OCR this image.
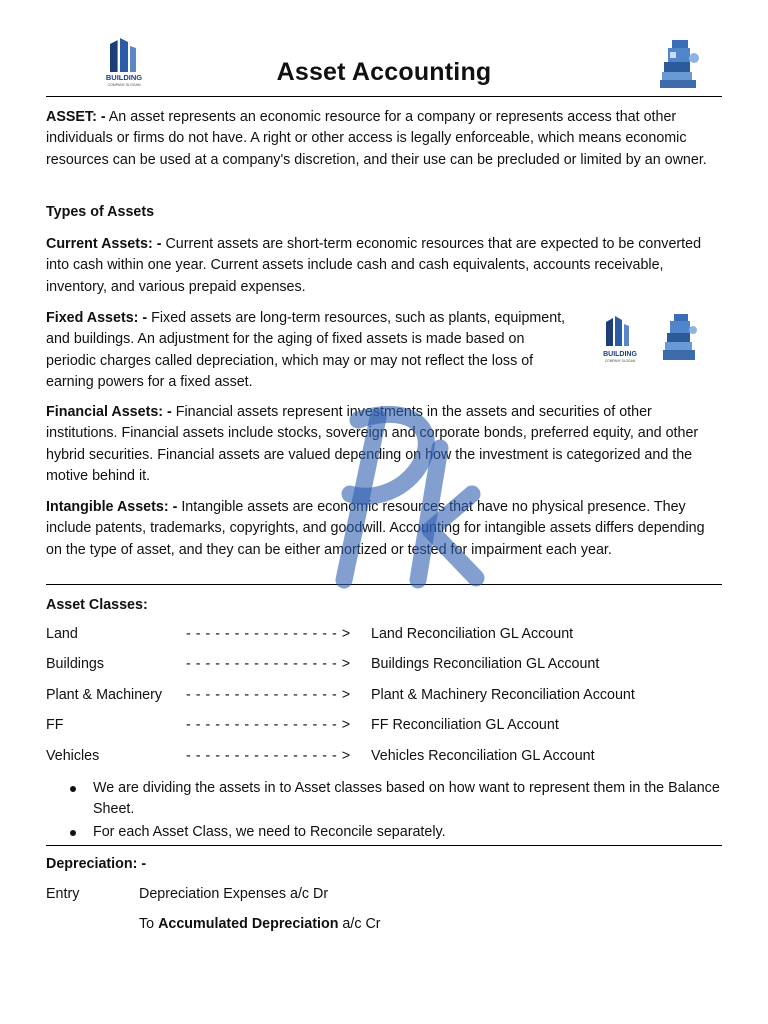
BUILDING
COMPANY SLOGAN	Asset Accounting
ASSET: - An asset represents an economic resource for a company or represents access that other individuals or firms do not have. A right or other access is legally enforceable, which means economic resources can be used at a company's discretion, and their use can be precluded or limited by an owner.
Types of Assets
Current Assets: - Current assets are short-term economic resources that are expected to be converted into cash within one year. Current assets include cash and cash equivalents, accounts receivable, inventory, and various prepaid expenses.
Fixed Assets: - Fixed assets are long-term resources, such as plants, equipment, and buildings. An adjustment for the aging of fixed assets is made based on periodic charges called depreciation, which may or may not reflect the loss of earning powers for a fixed asset.
BUILDING
COMPANY SLOGAN
Financial Assets: - Financial assets represent investments in the assets and securities of other institutions. Financial assets include stocks, sovereign and corporate bonds, preferred equity, and other hybrid securities. Financial assets are valued depending on how the investment is categorized and the motive behind it.
Intangible Assets: - Intangible assets are economic resources that have no physical presence. They include patents, trademarks, copyrights, and goodwill. Accounting for intangible assets differs depending on the type of asset, and they can be either amortized or tested for impairment each year.
Asset Classes:
Land	- - - - - - - - - - - - - - - - > Land Reconciliation GL Account
Buildings	- - - - - - - - - - - - - - - - > Buildings Reconciliation GL Account
Plant & Machinery - - - - - - - - - - - - - - - - > Plant & Machinery Reconciliation Account
FF	- - - - - - - - - - - - - - - - > FF Reconciliation GL Account
Vehicles	- - - - - - - - - - - - - - - - > Vehicles Reconciliation GL Account
We are dividing the assets in to Asset classes based on how want to represent them in the Balance Sheet.
For each Asset Class, we need to Reconcile separately.
Depreciation: -
Entry	Depreciation Expenses a/c Dr
To Accumulated Depreciation a/c Cr
